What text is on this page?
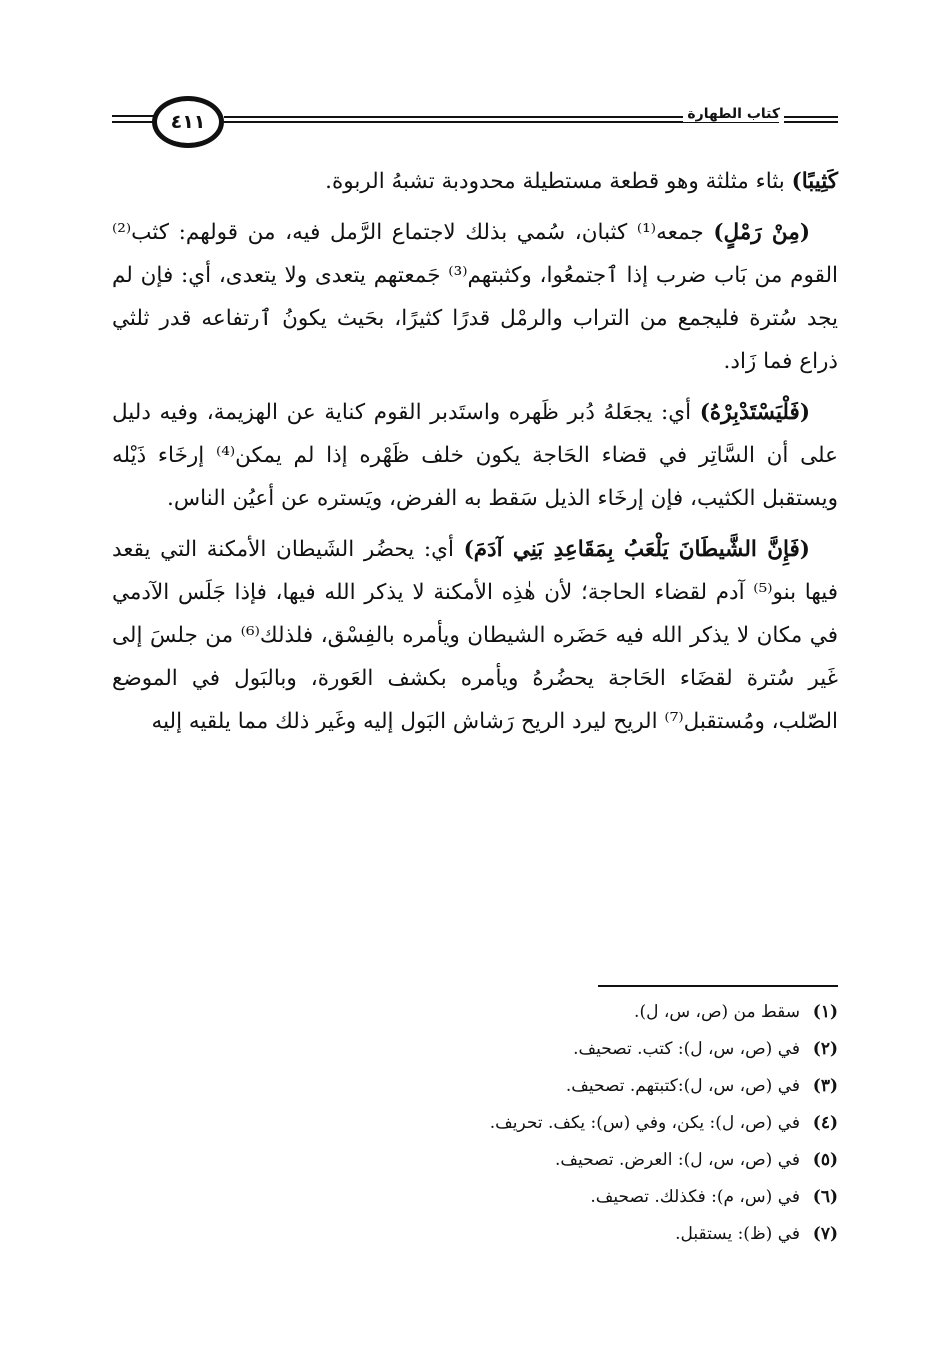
٤١١	كتاب الطهارة

كَثِيبًا) بثاء مثلثة وهو قطعة مستطيلة محدودبة تشبهُ الربوة.

(مِنْ رَمْلٍ) جمعه⁽¹⁾ كثبان، سُمي بذلك لاجتماع الرَّمل فيه، من قولهم: كثب⁽²⁾ القوم من بَاب ضرب إذا ٱجتمعُوا، وكثبتهم⁽³⁾ جَمعتهم يتعدى ولا يتعدى، أي: فإن لم يجد سُترة فليجمع من التراب والرمْل قدرًا كثيرًا، بحَيث يكونُ ٱرتفاعه قدر ثلثي ذراع فما زَاد.

(فَلْيَسْتَدْبِرْهُ) أي: يجعَلهُ دُبر ظَهره واستَدبر القوم كناية عن الهزيمة، وفيه دليل على أن السَّاتِر في قضاء الحَاجة يكون خلف ظَهْره إذا لم يمكن⁽⁴⁾ إرخَاء ذَيْله ويستقبل الكثيب، فإن إرخَاء الذيل سَقط به الفرض، ويَستره عن أعيُن الناس.

(فَإِنَّ الشَّيطَانَ يَلْعَبُ بِمَقَاعِدِ بَنِي آدَمَ) أي: يحضُر الشَيطان الأمكنة التي يقعد فيها بنو⁽⁵⁾ آدم لقضاء الحاجة؛ لأن هٰذِه الأمكنة لا يذكر الله فيها، فإذا جَلَس الآدمي في مكان لا يذكر الله فيه حَضَره الشيطان ويأمره بالفِسْق، فلذلك⁽⁶⁾ من جلسَ إلى غَير سُترة لقضَاء الحَاجة يحضُرهُ ويأمره بكشف العَورة، وبالبَول في الموضع الصّلب، ومُستقبل⁽⁷⁾ الريح ليرد الريح رَشاش البَول إليه وغَير ذلك مما يلقيه إليه

(١)سقط من (ص، س، ل).
(٢)في (ص، س، ل): كتب. تصحيف.
(٣)في (ص، س، ل):كتبتهم. تصحيف.
(٤)في (ص، ل): يكن، وفي (س): يكف. تحريف.
(٥)في (ص، س، ل): العرض. تصحيف.
(٦)في (س، م): فكذلك. تصحيف.
(٧)في (ظ): يستقبل.
